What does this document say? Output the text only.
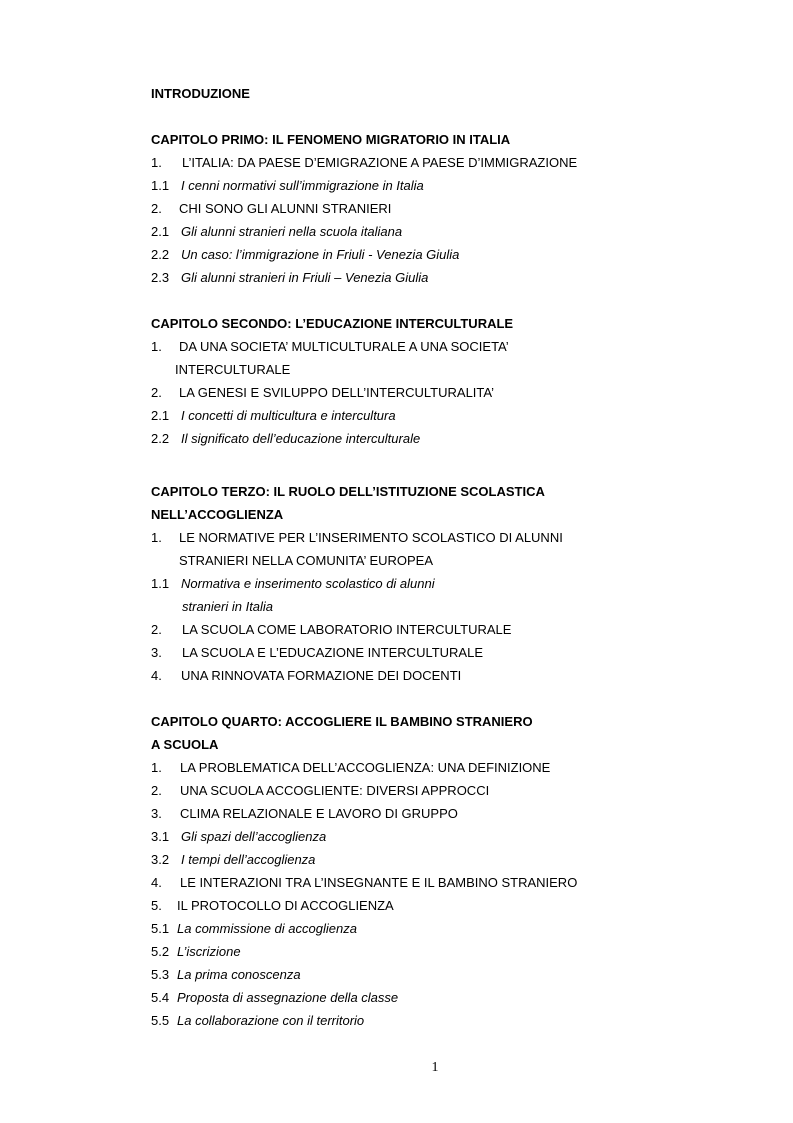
INTRODUZIONE
CAPITOLO PRIMO: IL FENOMENO MIGRATORIO IN ITALIA
1. L’ITALIA: DA PAESE D’EMIGRAZIONE A PAESE D’IMMIGRAZIONE
1.1 I cenni normativi sull’immigrazione in Italia
2. CHI SONO GLI ALUNNI STRANIERI
2.1 Gli alunni stranieri nella scuola italiana
2.2 Un caso: l’immigrazione in Friuli - Venezia Giulia
2.3 Gli alunni stranieri in Friuli – Venezia Giulia
CAPITOLO SECONDO: L’EDUCAZIONE INTERCULTURALE
1. DA UNA SOCIETA’ MULTICULTURALE A UNA SOCIETA’
INTERCULTURALE
2. LA GENESI E SVILUPPO DELL’INTERCULTURALITA’
2.1 I concetti di multicultura e intercultura
2.2 Il significato dell’educazione interculturale
CAPITOLO TERZO: IL RUOLO DELL’ISTITUZIONE SCOLASTICA
NELL’ACCOGLIENZA
1. LE NORMATIVE PER L’INSERIMENTO SCOLASTICO DI ALUNNI
STRANIERI NELLA COMUNITA’ EUROPEA
1.1 Normativa e inserimento scolastico di alunni
stranieri in Italia
2. LA SCUOLA COME LABORATORIO INTERCULTURALE
3. LA SCUOLA E L’EDUCAZIONE INTERCULTURALE
4. UNA RINNOVATA FORMAZIONE DEI DOCENTI
CAPITOLO QUARTO: ACCOGLIERE IL BAMBINO STRANIERO
A SCUOLA
1. LA PROBLEMATICA DELL’ACCOGLIENZA: UNA DEFINIZIONE
2. UNA SCUOLA ACCOGLIENTE: DIVERSI APPROCCI
3. CLIMA RELAZIONALE E LAVORO DI GRUPPO
3.1 Gli spazi dell’accoglienza
3.2 I tempi dell’accoglienza
4. LE INTERAZIONI TRA L’INSEGNANTE E IL BAMBINO STRANIERO
5. IL PROTOCOLLO DI ACCOGLIENZA
5.1 La commissione di accoglienza
5.2 L’iscrizione
5.3 La prima conoscenza
5.4 Proposta di assegnazione della classe
5.5 La collaborazione con il territorio
1
